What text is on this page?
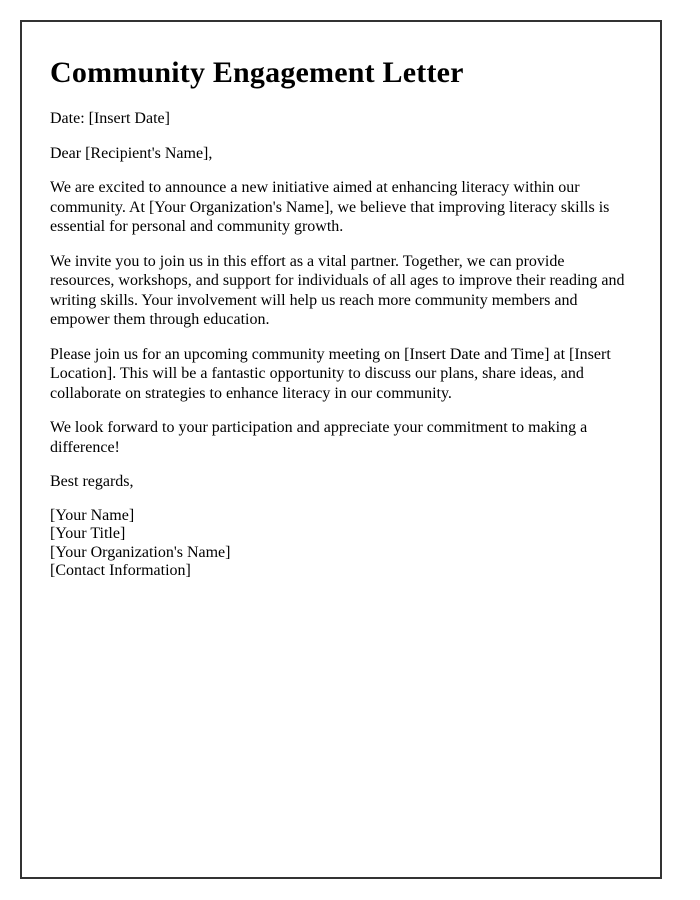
Community Engagement Letter

Date: [Insert Date]

Dear [Recipient's Name],

We are excited to announce a new initiative aimed at enhancing literacy within our community. At [Your Organization's Name], we believe that improving literacy skills is essential for personal and community growth.

We invite you to join us in this effort as a vital partner. Together, we can provide resources, workshops, and support for individuals of all ages to improve their reading and writing skills. Your involvement will help us reach more community members and empower them through education.

Please join us for an upcoming community meeting on [Insert Date and Time] at [Insert Location]. This will be a fantastic opportunity to discuss our plans, share ideas, and collaborate on strategies to enhance literacy in our community.

We look forward to your participation and appreciate your commitment to making a difference!

Best regards,

[Your Name]
[Your Title]
[Your Organization's Name]
[Contact Information]
